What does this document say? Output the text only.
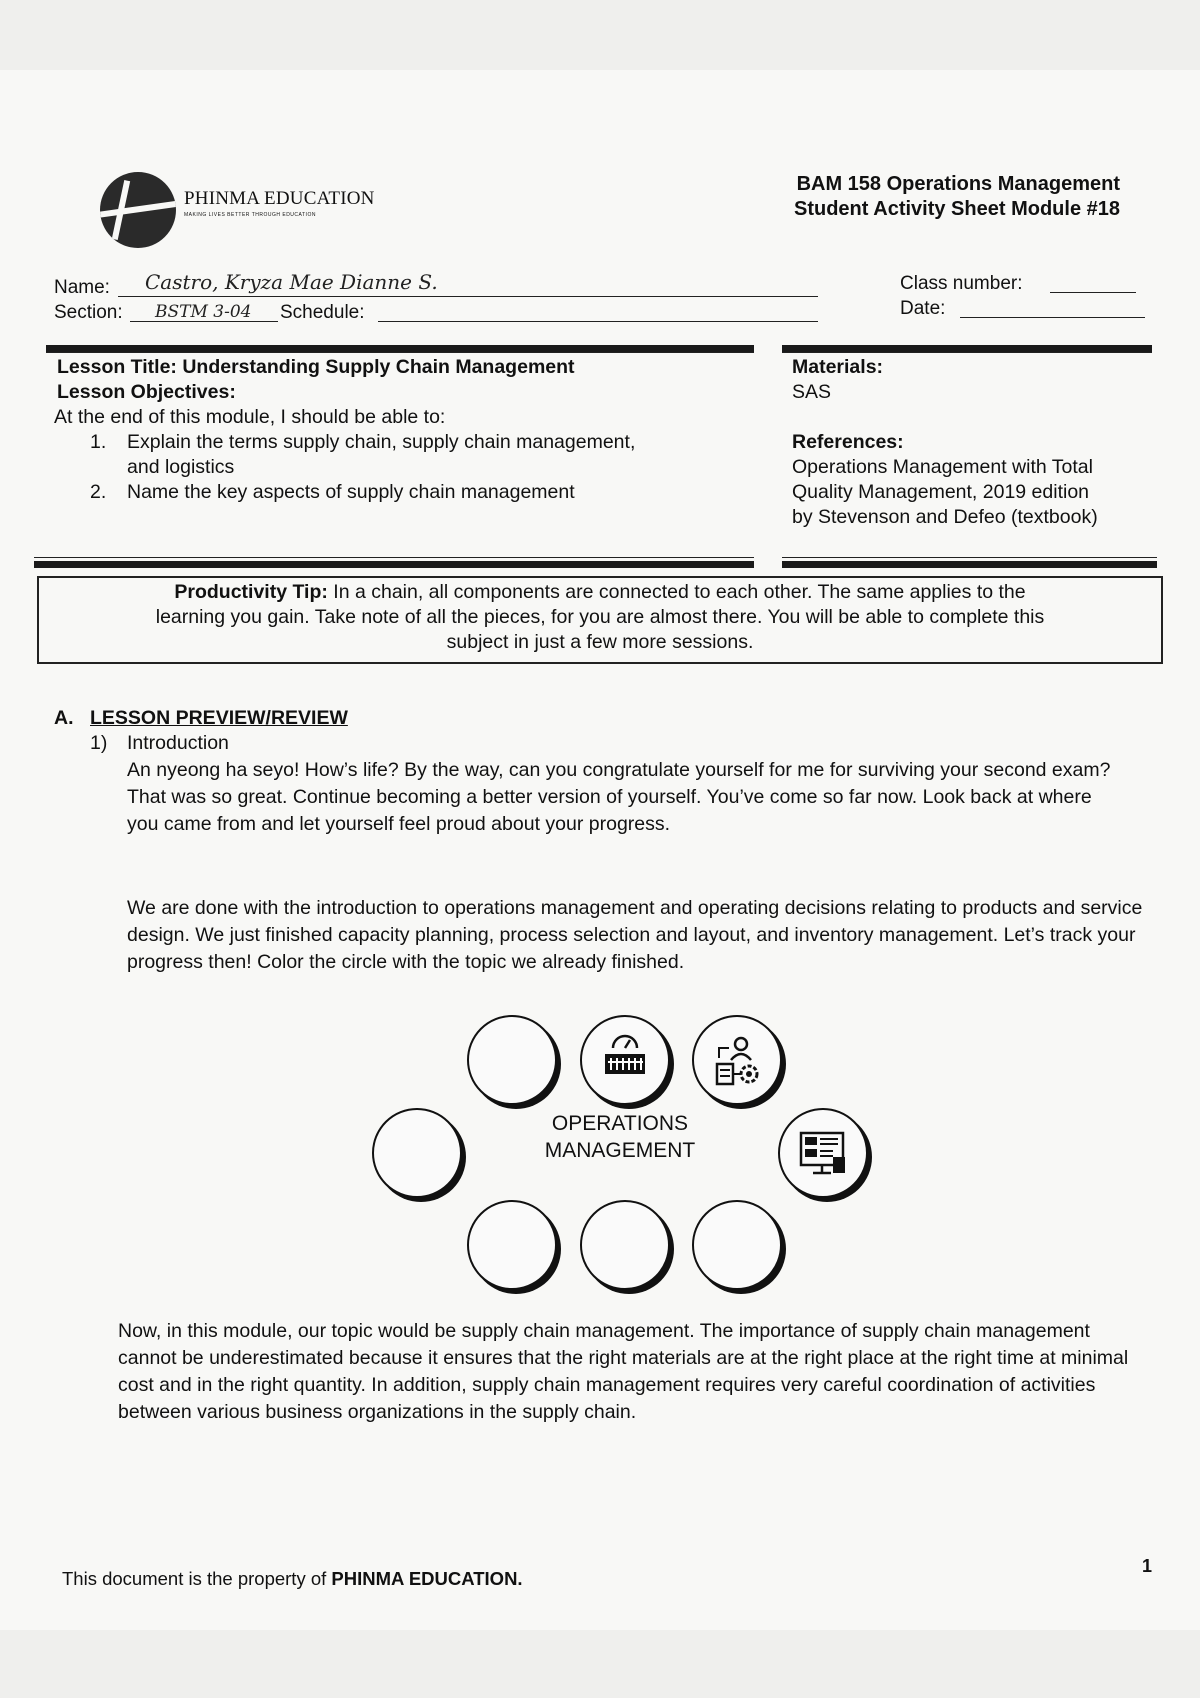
PHINMA EDUCATION
MAKING LIVES BETTER THROUGH EDUCATION
BAM 158 Operations Management
Student Activity Sheet Module #18
Name: Castro, Kryza Mae Dianne S.
Section: BSTM 3-04 Schedule:
Class number:
Date:
Lesson Title: Understanding Supply Chain Management
Lesson Objectives:
At the end of this module, I should be able to:
1. Explain the terms supply chain, supply chain management,
and logistics
2. Name the key aspects of supply chain management
Materials:
SAS
References:
Operations Management with Total
Quality Management, 2019 edition
by Stevenson and Defeo (textbook)
Productivity Tip: In a chain, all components are connected to each other. The same applies to the
learning you gain. Take note of all the pieces, for you are almost there. You will be able to complete this
subject in just a few more sessions.
A. LESSON PREVIEW/REVIEW
1) Introduction
An nyeong ha seyo! How’s life? By the way, can you congratulate yourself for me for surviving your second exam? That was so great. Continue becoming a better version of yourself. You’ve come so far now. Look back at where you came from and let yourself feel proud about your progress.
We are done with the introduction to operations management and operating decisions relating to products and service design. We just finished capacity planning, process selection and layout, and inventory management. Let’s track your progress then! Color the circle with the topic we already finished.
OPERATIONS
MANAGEMENT
Now, in this module, our topic would be supply chain management. The importance of supply chain management cannot be underestimated because it ensures that the right materials are at the right place at the right time at minimal cost and in the right quantity. In addition, supply chain management requires very careful coordination of activities between various business organizations in the supply chain.
This document is the property of PHINMA EDUCATION.
1
